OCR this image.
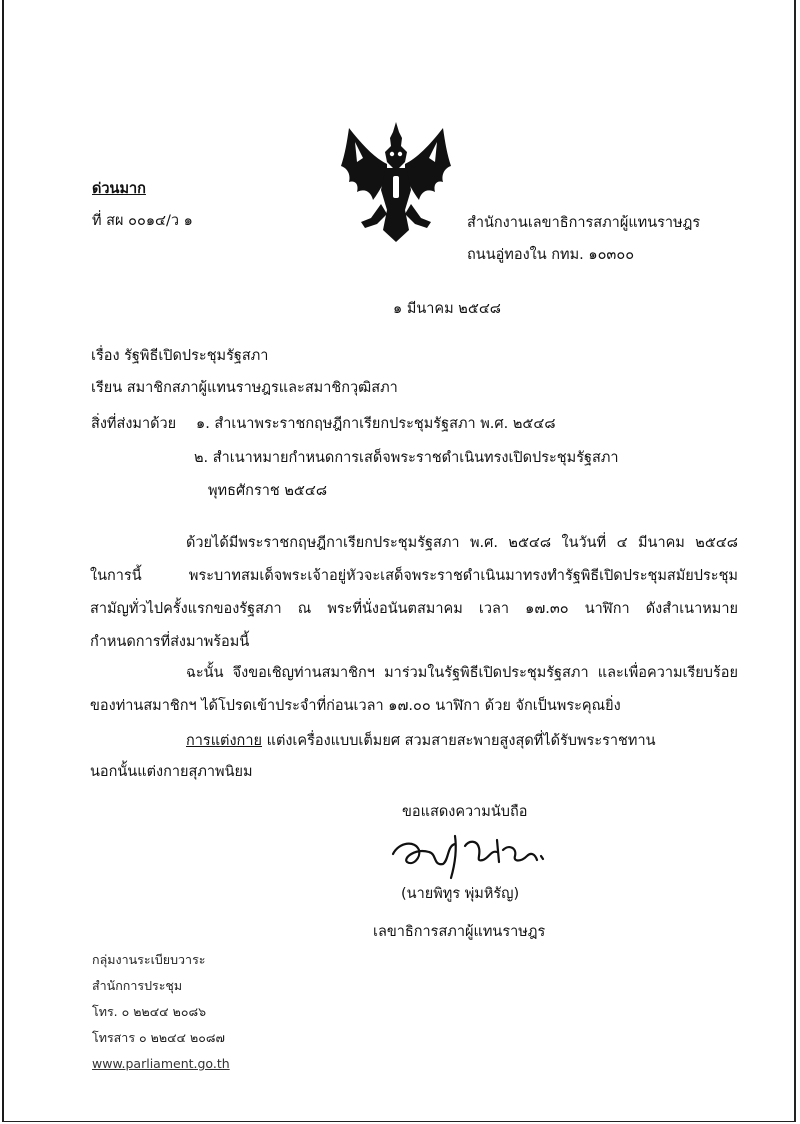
ด่วนมาก
ที่ สผ ๐๐๑๔/ว ๑	สำนักงานเลขาธิการสภาผู้แทนราษฎร
ถนนอู่ทองใน กทม. ๑๐๓๐๐
๑ มีนาคม ๒๕๔๘
เรื่อง รัฐพิธีเปิดประชุมรัฐสภา
เรียน สมาชิกสภาผู้แทนราษฎรและสมาชิกวุฒิสภา
สิ่งที่ส่งมาด้วย ๑. สำเนาพระราชกฤษฎีกาเรียกประชุมรัฐสภา พ.ศ. ๒๕๔๘
๒. สำเนาหมายกำหนดการเสด็จพระราชดำเนินทรงเปิดประชุมรัฐสภา
พุทธศักราช ๒๕๔๘
ด้วยได้มีพระราชกฤษฎีกาเรียกประชุมรัฐสภา พ.ศ. ๒๕๔๘ ในวันที่ ๔ มีนาคม ๒๕๔๘
ในการนี้ พระบาทสมเด็จพระเจ้าอยู่หัวจะเสด็จพระราชดำเนินมาทรงทำรัฐพิธีเปิดประชุมสมัยประชุม
สามัญทั่วไปครั้งแรกของรัฐสภา ณ พระที่นั่งอนันตสมาคม เวลา ๑๗.๓๐ นาฬิกา ดังสำเนาหมาย
กำหนดการที่ส่งมาพร้อมนี้
ฉะนั้น จึงขอเชิญท่านสมาชิกฯ มาร่วมในรัฐพิธีเปิดประชุมรัฐสภา และเพื่อความเรียบร้อย
ของท่านสมาชิกฯ ได้โปรดเข้าประจำที่ก่อนเวลา ๑๗.๐๐ นาฬิกา ด้วย จักเป็นพระคุณยิ่ง
การแต่งกาย แต่งเครื่องแบบเต็มยศ สวมสายสะพายสูงสุดที่ได้รับพระราชทาน
นอกนั้นแต่งกายสุภาพนิยม
ขอแสดงความนับถือ
(นายพิทูร พุ่มหิรัญ)
เลขาธิการสภาผู้แทนราษฎร
กลุ่มงานระเบียบวาระ
สำนักการประชุม
โทร. ๐ ๒๒๔๔ ๒๐๘๖
โทรสาร ๐ ๒๒๔๔ ๒๐๘๗
www.parliament.go.th
